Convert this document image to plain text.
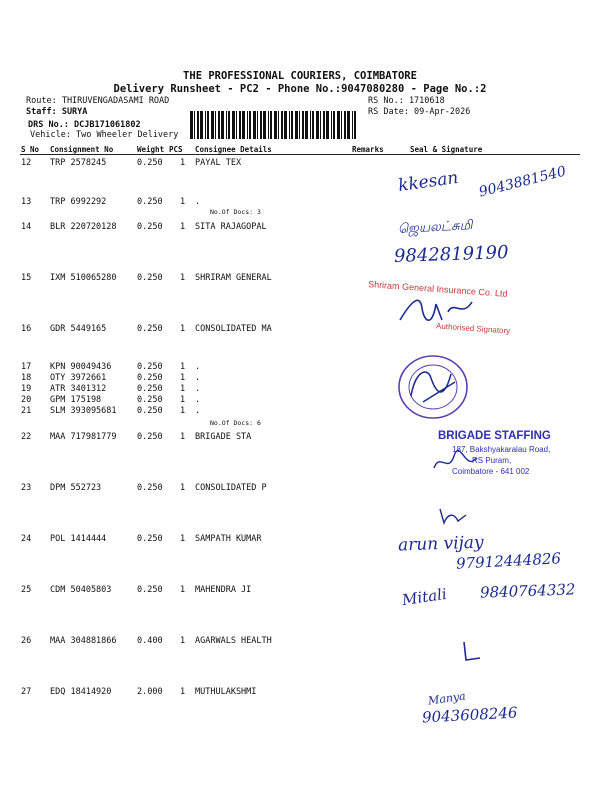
THE PROFESSIONAL COURIERS, COIMBATORE
Delivery Runsheet - PC2 - Phone No.:9047080280 - Page No.:2
Route: THIRUVENGADASAMI ROAD
Staff: SURYA
DRS No.: DCJB171061802
Vehicle: Two Wheeler Delivery
RS No.: 1710618
RS Date: 09-Apr-2026
S No Consignment No	Weight PCS Consignee Details	Remarks	Seal & Signature
12 TRP 2578245	0.250 1 PAYAL TEX
13 TRP 6992292	0.250 1 .
No.Of Docs: 3
14 BLR 220720128 0.250 1 SITA RAJAGOPAL
15 IXM 510065280 0.250 1 SHRIRAM GENERAL
16 GDR 5449165	0.250 1 CONSOLIDATED MA
17 KPN 90049436	0.250 1 .
18 OTY 3972661	0.250 1 .
19 ATR 3401312	0.250 1 .
20 GPM 175198	0.250 1 .
21 SLM 393095681 0.250 1 .
No.Of Docs: 6
22 MAA 717981779 0.250 1 BRIGADE STA
23 DPM 552723	0.250 1 CONSOLIDATED P
24 POL 1414444	0.250 1 SAMPATH KUMAR
25 CDM 50405803	0.250 1 MAHENDRA JI
26 MAA 304881866 0.400 1 AGARWALS HEALTH
27 EDQ 18414920	2.000 1 MUTHULAKSHMI
kkesan 9043881540
ஜெயலட்சுமி
9842819190
arun vijay
97912444826
Mitali 9840764332
Manya
9043608246
Shriram General Insurance Co. Ltd
Authorised Signatory
BRIGADE STAFFING
187, Bakshyakaralau Road,
RS Puram,
Coimbatore - 641 002
